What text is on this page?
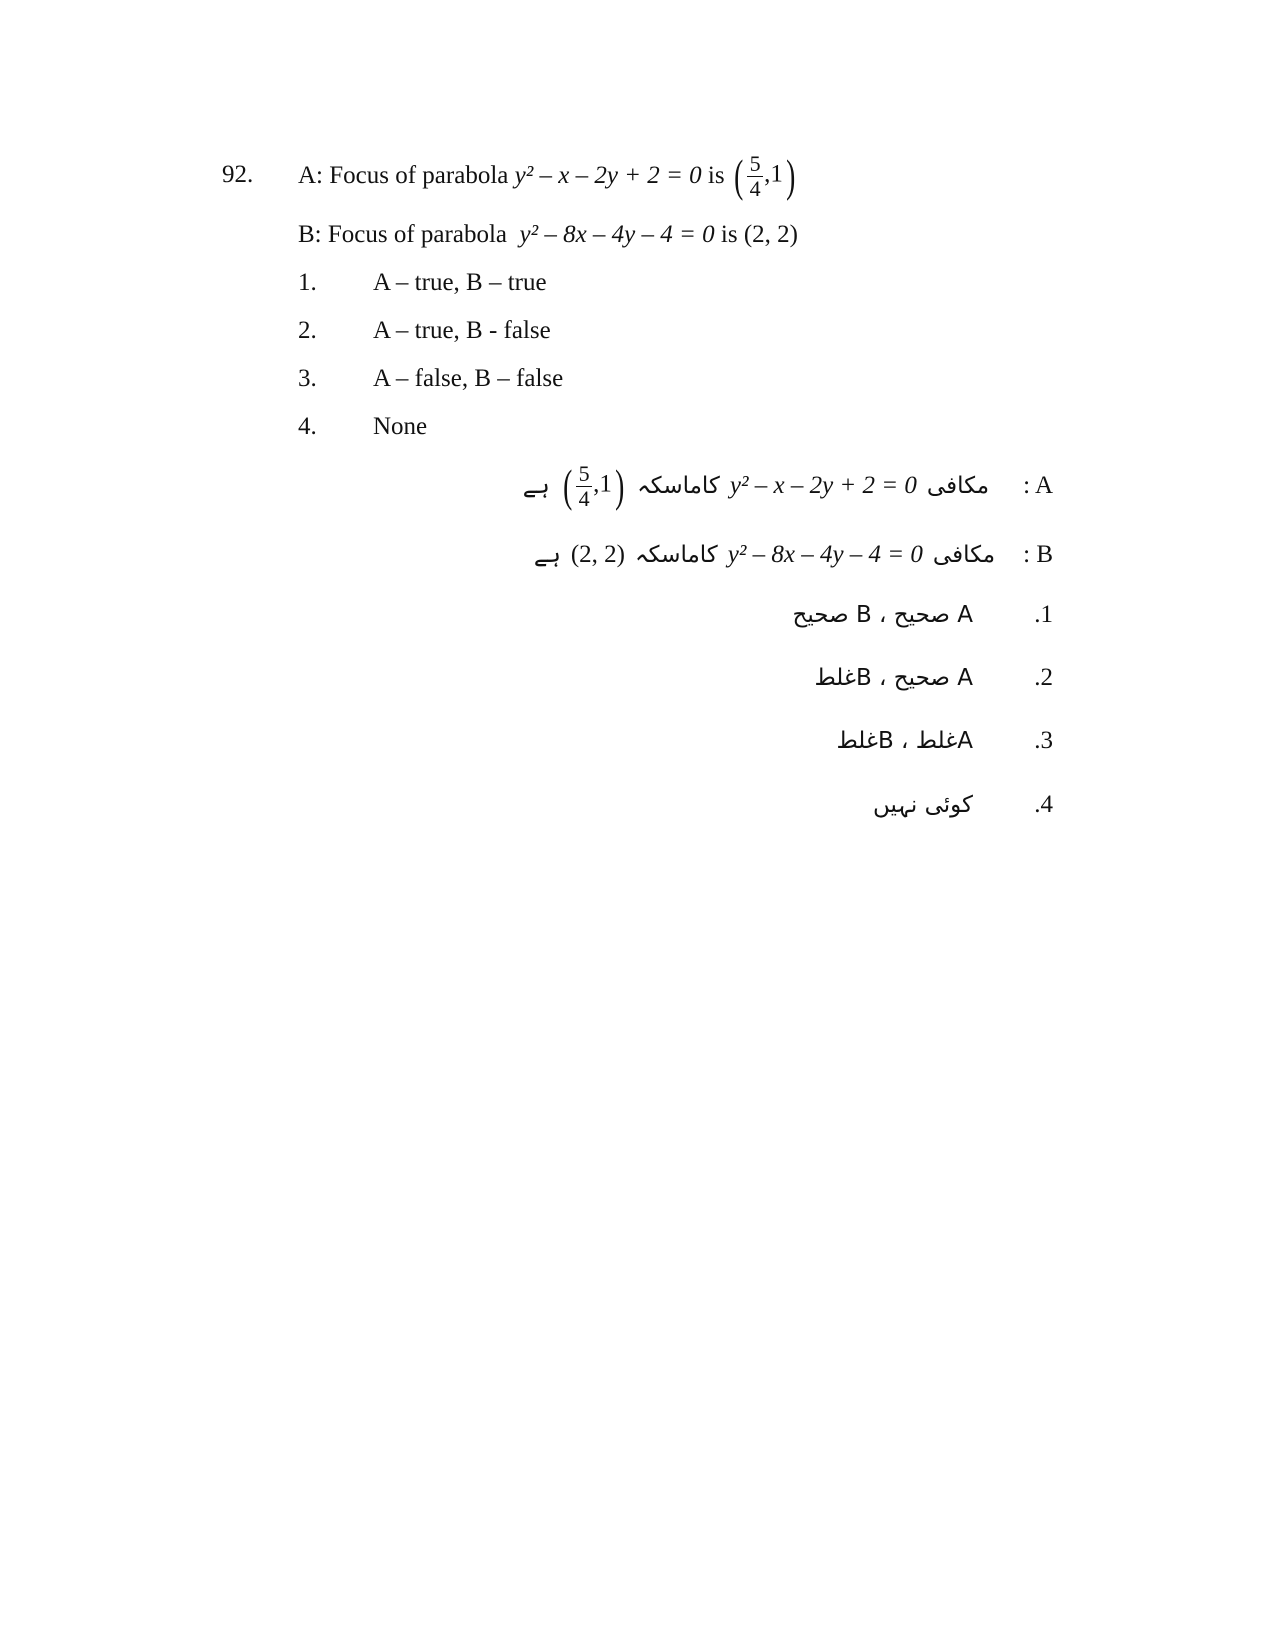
92. A: Focus of parabola
y² – x – 2y + 2 = 0
is
( $\frac{5}{4} ,1$)
B: Focus of parabola y² – 8x – 4y – 4 = 0 is (2, 2)
1. A – true, B – true
2. A – true, B - false
3. A – false, B – false
4. None
: A
مکافی
y² – x – 2y + 2 = 0
کاماسکہ
( $\frac{5}{4} ,1$)
ہے
: B
مکافی
y² – 8x – 4y – 4 = 0
کاماسکہ
(2, 2)
ہے
.1
A صحیح ، B صحیح
.2
A صحیح ، Bغلط
.3
Aغلط ، Bغلط
.4
کوئی نہیں
